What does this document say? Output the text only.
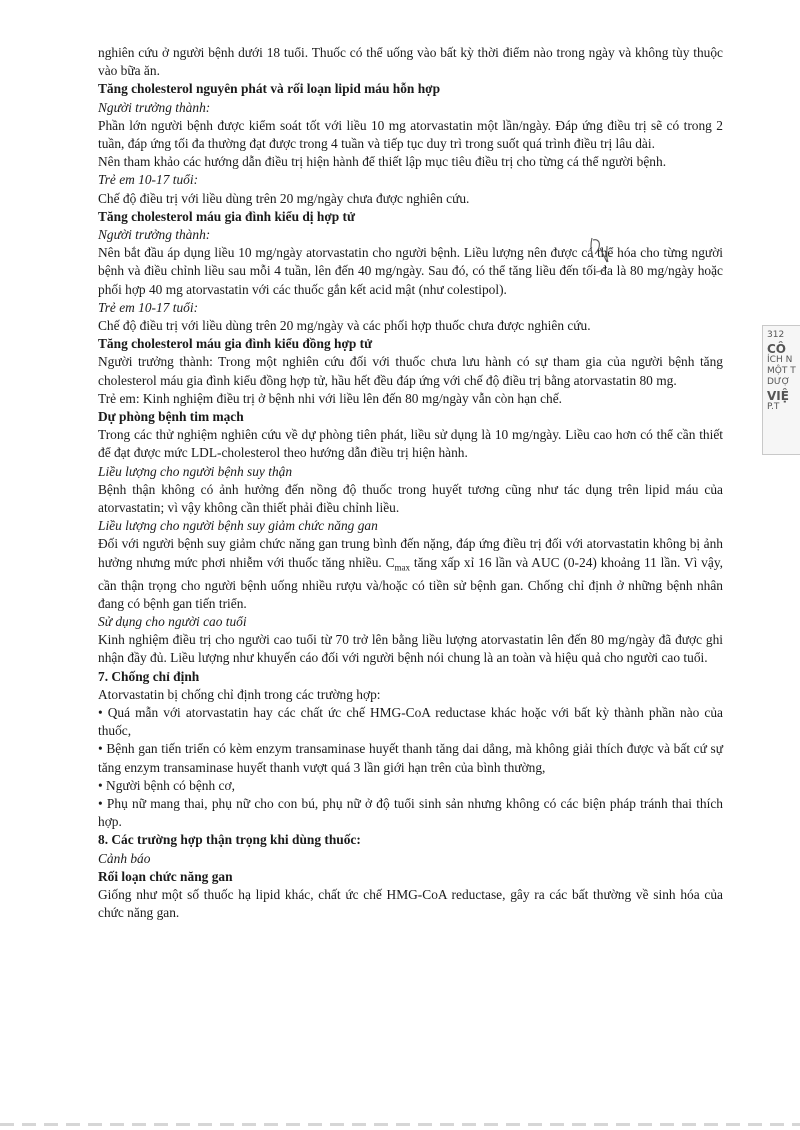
nghiên cứu ở người bệnh dưới 18 tuổi. Thuốc có thể uống vào bất kỳ thời điểm nào trong ngày và không tùy thuộc vào bữa ăn.

Tăng cholesterol nguyên phát và rối loạn lipid máu hỗn hợp

Người trưởng thành:

Phần lớn người bệnh được kiểm soát tốt với liều 10 mg atorvastatin một lần/ngày. Đáp ứng điều trị sẽ có trong 2 tuần, đáp ứng tối đa thường đạt được trong 4 tuần và tiếp tục duy trì trong suốt quá trình điều trị lâu dài.

Nên tham khảo các hướng dẫn điều trị hiện hành để thiết lập mục tiêu điều trị cho từng cá thể người bệnh.

Trẻ em 10-17 tuổi:

Chế độ điều trị với liều dùng trên 20 mg/ngày chưa được nghiên cứu.

Tăng cholesterol máu gia đình kiểu dị hợp tử

Người trưởng thành:

Nên bắt đầu áp dụng liều 10 mg/ngày atorvastatin cho người bệnh. Liều lượng nên được cá thể hóa cho từng người bệnh và điều chỉnh liều sau mỗi 4 tuần, lên đến 40 mg/ngày. Sau đó, có thể tăng liều đến tối đa là 80 mg/ngày hoặc phối hợp 40 mg atorvastatin với các thuốc gắn kết acid mật (như colestipol).

Trẻ em 10-17 tuổi:

Chế độ điều trị với liều dùng trên 20 mg/ngày và các phối hợp thuốc chưa được nghiên cứu.

Tăng cholesterol máu gia đình kiểu đồng hợp tử

Người trưởng thành: Trong một nghiên cứu đối với thuốc chưa lưu hành có sự tham gia của người bệnh tăng cholesterol máu gia đình kiểu đồng hợp tử, hầu hết đều đáp ứng với chế độ điều trị bằng atorvastatin 80 mg.

Trẻ em: Kinh nghiệm điều trị ở bệnh nhi với liều lên đến 80 mg/ngày vẫn còn hạn chế.

Dự phòng bệnh tim mạch

Trong các thử nghiệm nghiên cứu về dự phòng tiên phát, liều sử dụng là 10 mg/ngày. Liều cao hơn có thể cần thiết để đạt được mức LDL-cholesterol theo hướng dẫn điều trị hiện hành.

Liều lượng cho người bệnh suy thận

Bệnh thận không có ảnh hưởng đến nồng độ thuốc trong huyết tương cũng như tác dụng trên lipid máu của atorvastatin; vì vậy không cần thiết phải điều chỉnh liều.

Liều lượng cho người bệnh suy giảm chức năng gan

Đối với người bệnh suy giảm chức năng gan trung bình đến nặng, đáp ứng điều trị đối với atorvastatin không bị ảnh hưởng nhưng mức phơi nhiễm với thuốc tăng nhiều. $C_{max}$ tăng xấp xỉ 16 lần và AUC (0-24) khoảng 11 lần. Vì vậy, cần thận trọng cho người bệnh uống nhiều rượu và/hoặc có tiền sử bệnh gan. Chống chỉ định ở những bệnh nhân đang có bệnh gan tiến triển.

Sử dụng cho người cao tuổi

Kinh nghiệm điều trị cho người cao tuổi từ 70 trở lên bằng liều lượng atorvastatin lên đến 80 mg/ngày đã được ghi nhận đầy đủ. Liều lượng như khuyến cáo đối với người bệnh nói chung là an toàn và hiệu quả cho người cao tuổi.

7. Chống chỉ định

Atorvastatin bị chống chỉ định trong các trường hợp:

• Quá mẫn với atorvastatin hay các chất ức chế HMG-CoA reductase khác hoặc với bất kỳ thành phần nào của thuốc,

• Bệnh gan tiến triển có kèm enzym transaminase huyết thanh tăng dai dẳng, mà không giải thích được và bất cứ sự tăng enzym transaminase huyết thanh vượt quá 3 lần giới hạn trên của bình thường,

• Người bệnh có bệnh cơ,

• Phụ nữ mang thai, phụ nữ cho con bú, phụ nữ ở độ tuổi sinh sản nhưng không có các biện pháp tránh thai thích hợp.

8. Các trường hợp thận trọng khi dùng thuốc:

Cảnh báo

Rối loạn chức năng gan

Giống như một số thuốc hạ lipid khác, chất ức chế HMG-CoA reductase, gây ra các bất thường về sinh hóa của chức năng gan.

312
CÔ
ÍCH N
MỘT T
DƯỢ
VIỆ
P.T
